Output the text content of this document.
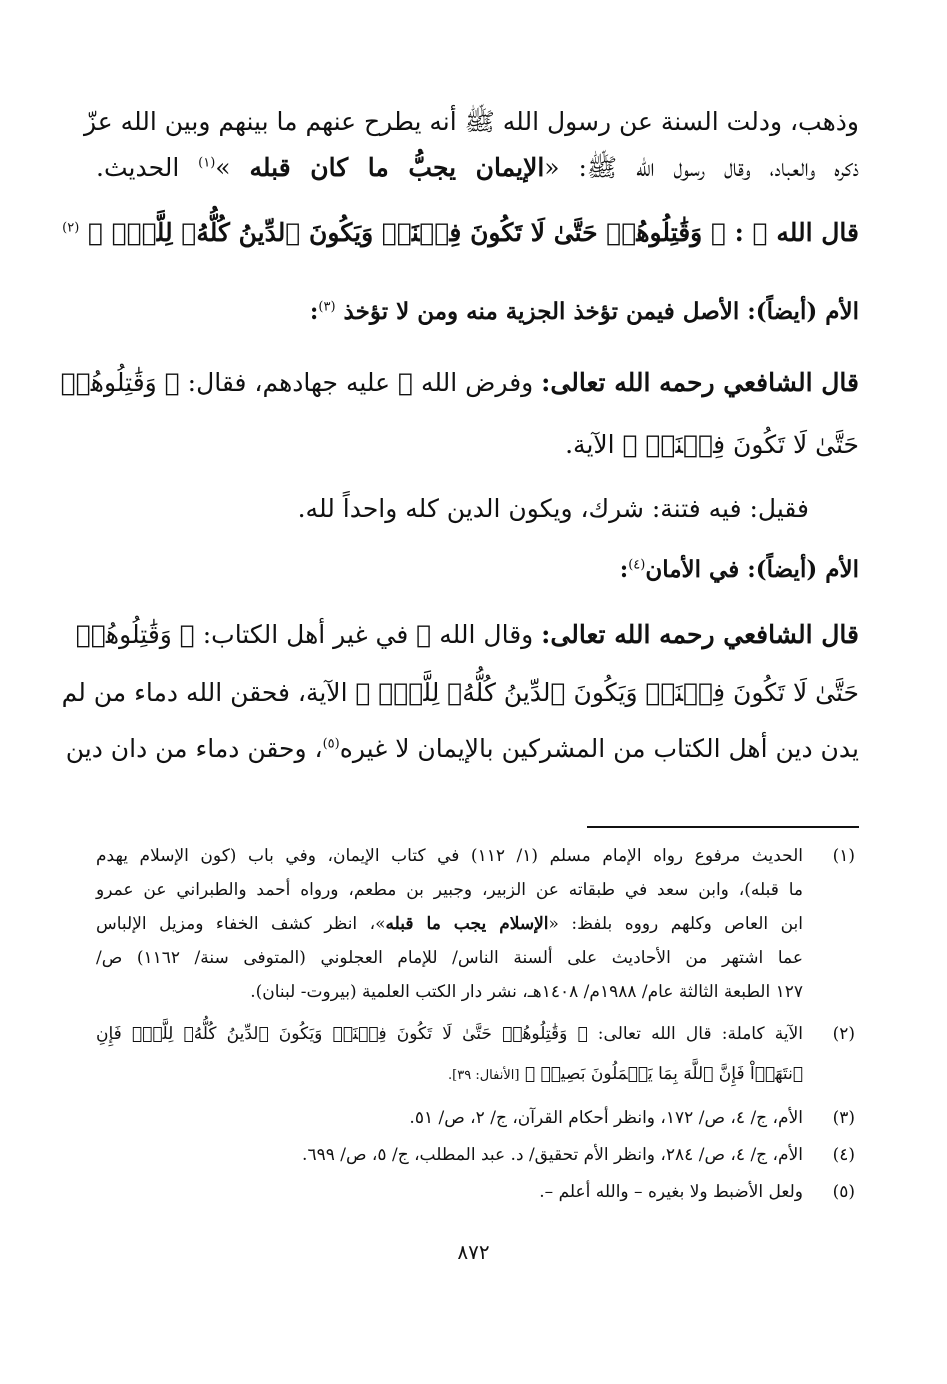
وذهب، ودلت السنة عن رسول الله ﷺ أنه يطرح عنهم ما بينهم وبين الله عزّ
ذكره والعباد، وقال رسول الله ﷺ: «الإيمان يجبُّ ما كان قبله »$^{(١)}$ الحديث.
قال الله ﷻ : ﴿ وَقَٰتِلُوهُمۡ حَتَّىٰ لَا تَكُونَ فِتۡنَةٞ وَيَكُونَ ٱلدِّينُ كُلُّهُۥ لِلَّهِۚ ﴾ $^{(٢)}$
الأم (أيضاً): الأصل فيمن تؤخذ الجزية منه ومن لا تؤخذ $^{(٣)}$:
قال الشافعي رحمه الله تعالى: وفرض الله ﷻ عليه جهادهم، فقال: ﴿ وَقَٰتِلُوهُمۡ
حَتَّىٰ لَا تَكُونَ فِتۡنَةٞ ﴾ الآية.
فقيل: فيه فتنة: شرك، ويكون الدين كله واحداً لله.
الأم (أيضاً): في الأمان$^{(٤)}$:
قال الشافعي رحمه الله تعالى: وقال الله ﷻ في غير أهل الكتاب: ﴿ وَقَٰتِلُوهُمۡ
حَتَّىٰ لَا تَكُونَ فِتۡنَةٞ وَيَكُونَ ٱلدِّينُ كُلُّهُۥ لِلَّهِۚ ﴾ الآية، فحقن الله دماء من لم
يدن دين أهل الكتاب من المشركين بالإيمان لا غيره$^{(٥)}$، وحقن دماء من دان دين
(١)الحديث مرفوع رواه الإمام مسلم (١/ ١١٢) في كتاب الإيمان، وفي باب (كون الإسلام يهدم
ما قبله)، وابن سعد في طبقاته عن الزبير، وجبير بن مطعم، ورواه أحمد والطبراني عن عمرو
ابن العاص وكلهم رووه بلفظ: «الإسلام يجب ما قبله»، انظر كشف الخفاء ومزيل الإلباس
عما اشتهر من الأحاديث على ألسنة الناس/ للإمام العجلوني (المتوفى سنة/ ١١٦٢) ص/
١٢٧ الطبعة الثالثة عام/ ١٩٨٨م/ ١٤٠٨هـ، نشر دار الكتب العلمية (بيروت- لبنان).
(٢)الآية كاملة: قال الله تعالى: ﴿ وَقَٰتِلُوهُمۡ حَتَّىٰ لَا تَكُونَ فِتۡنَةٞ وَيَكُونَ ٱلدِّينُ كُلُّهُۥ لِلَّهِۚ فَإِنِ
ٱنتَهَوۡاْ فَإِنَّ ٱللَّهَ بِمَا يَعۡمَلُونَ بَصِيرٞ ﴾ [الأنفال: ٣٩].
(٣)الأم، ج/ ٤، ص/ ١٧٢، وانظر أحكام القرآن، ج/ ٢، ص/ ٥١.
(٤)الأم، ج/ ٤، ص/ ٢٨٤، وانظر الأم تحقيق/ د. عبد المطلب، ج/ ٥، ص/ ٦٩٩.
(٥)ولعل الأضبط ولا بغيره – والله أعلم –.
٨٧٢
